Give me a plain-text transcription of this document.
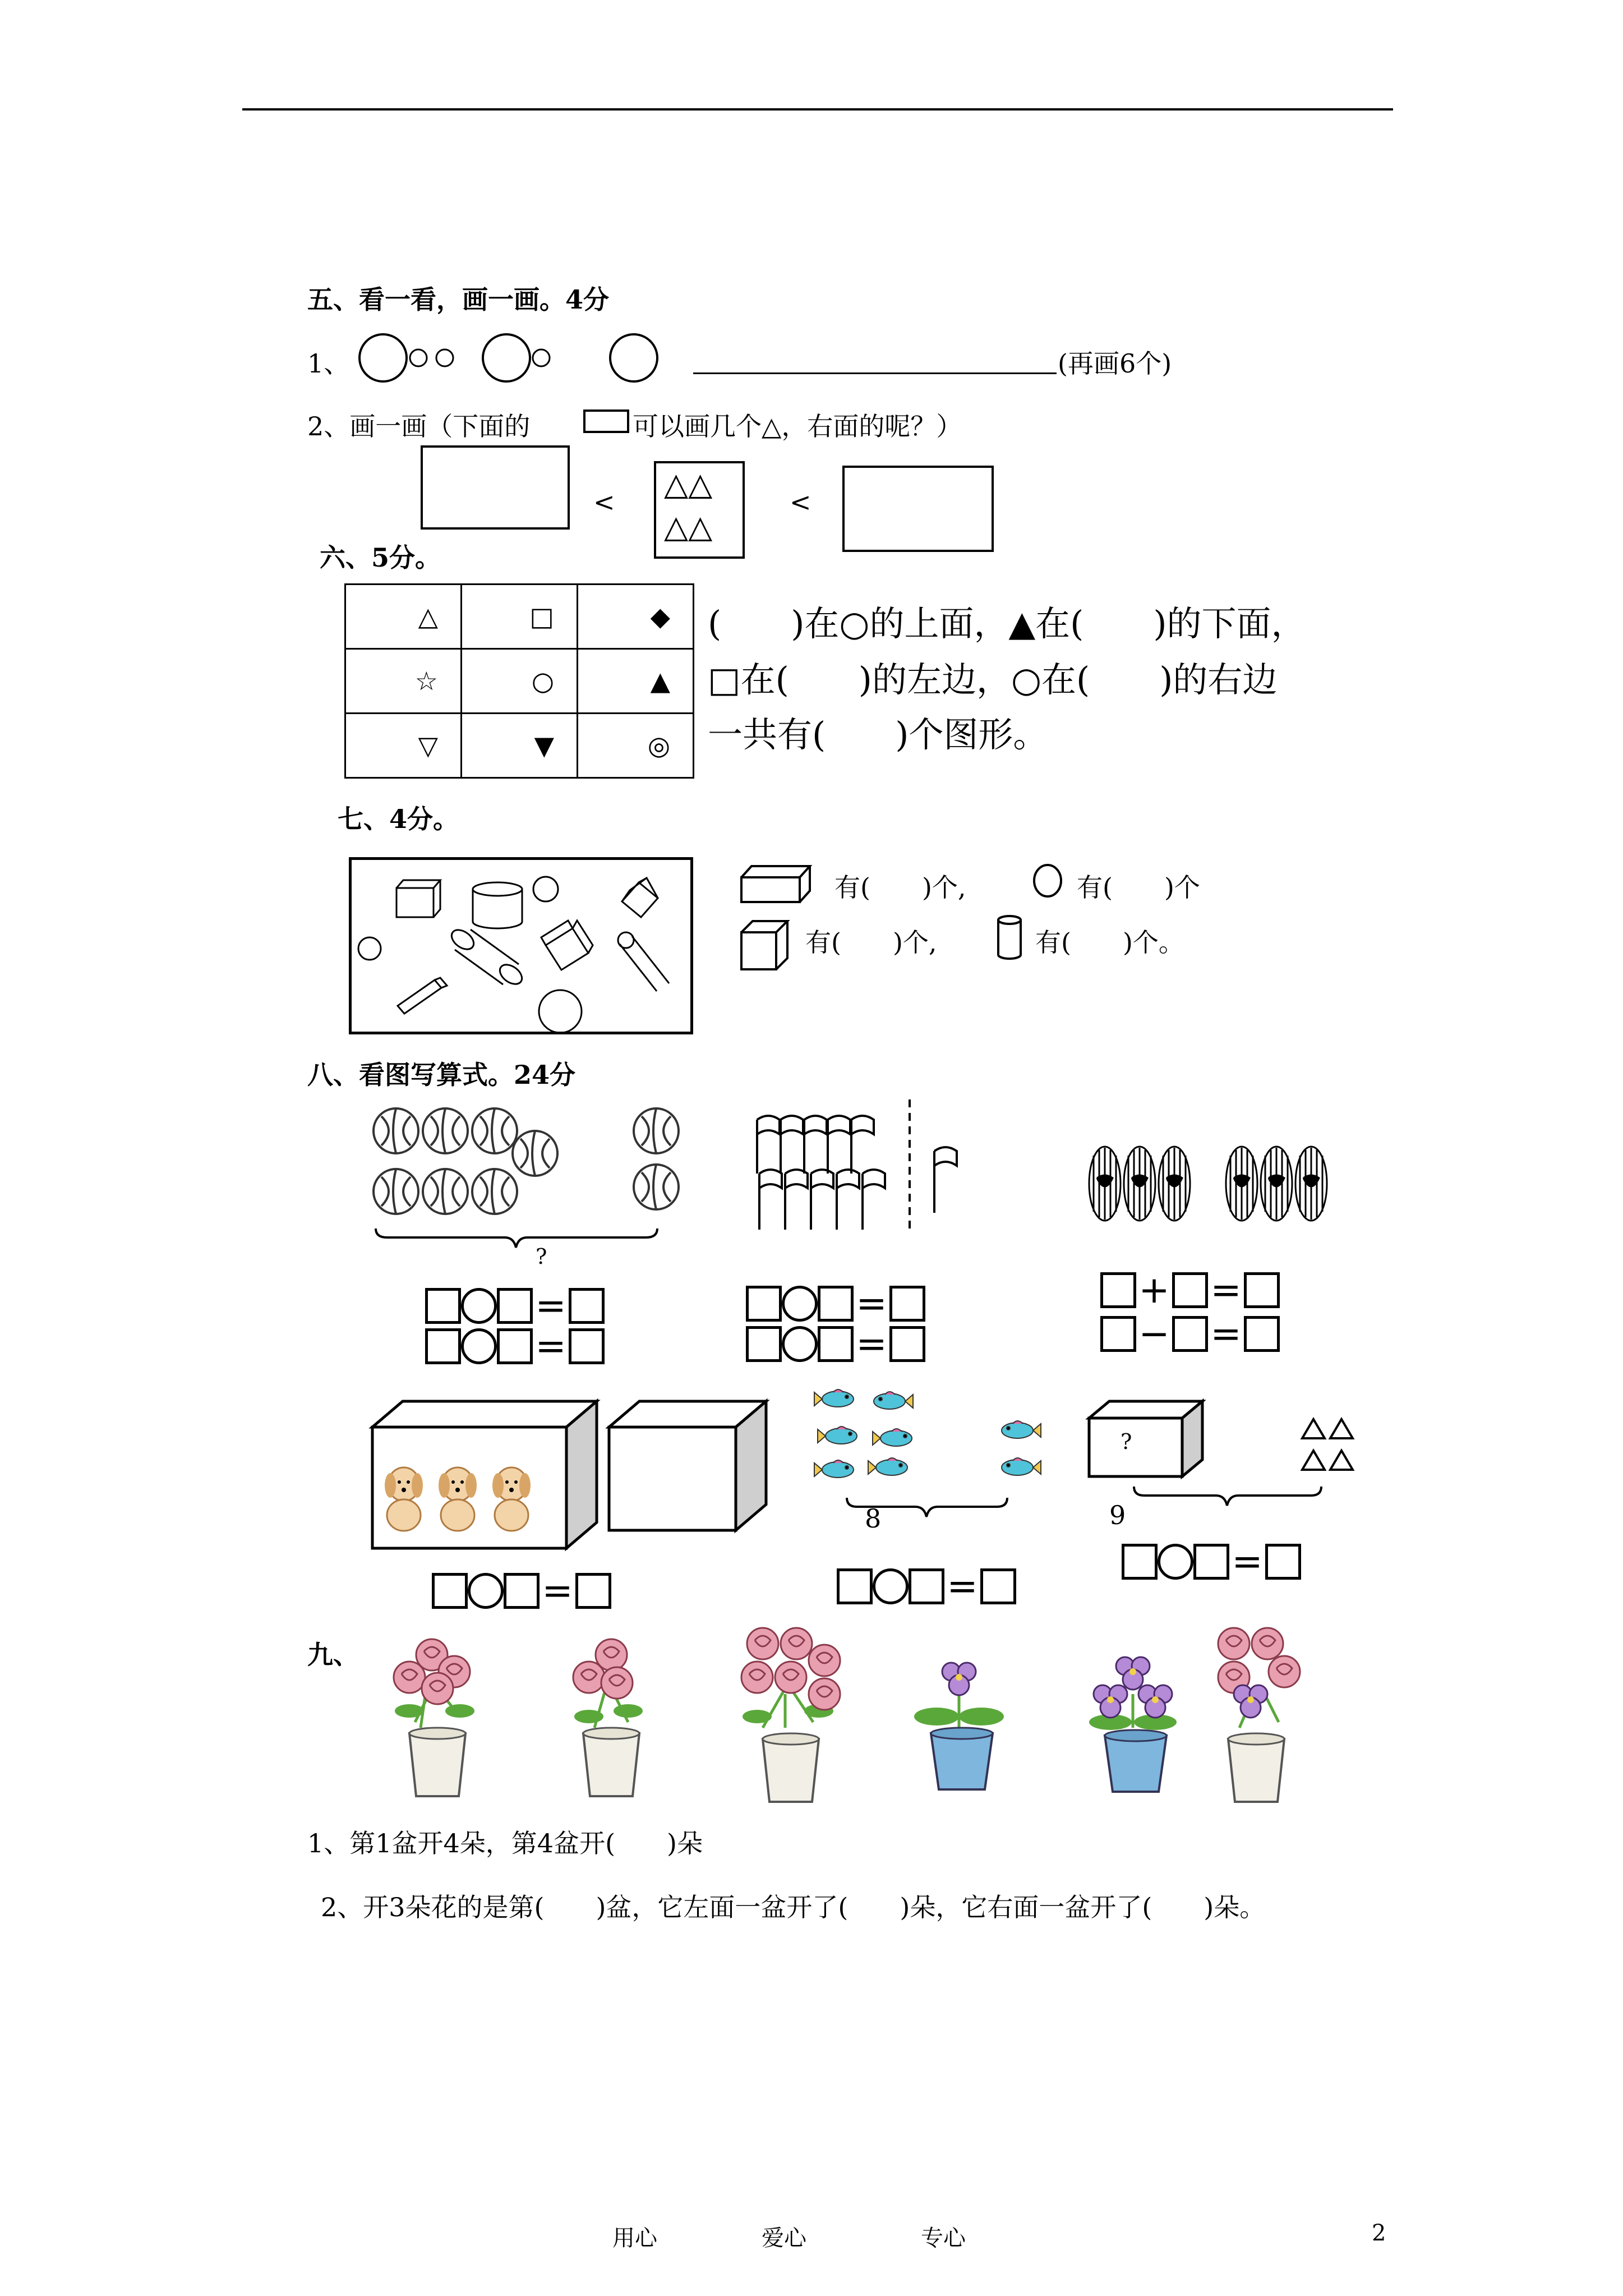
五、看一看，画一画。4分
1、	(再画6个)
2、画一画（下面的	可以画几个△，右面的呢？）
< △△
△△
<
六、5分。
△	□	◆
☆	○	▲
▽	▼	◎
(　　)在○的上面，▲在(　　)的下面，
□在(　　)的左边，○在(　　)的右边
一共有(　　)个图形。
七、4分。
有(　　)个,	有(　　)个
有(　　)个,	有(　　)个。
八、看图写算式。24分
?
=
=
=
=
+ =
− =
8
?
9
=	=
=
九、
1、第1盆开4朵，第4盆开(　　)朵
2、开3朵花的是第(　　)盆，它左面一盆开了(　　)朵，它右面一盆开了(　　)朵。
用心	爱心	专心	2
